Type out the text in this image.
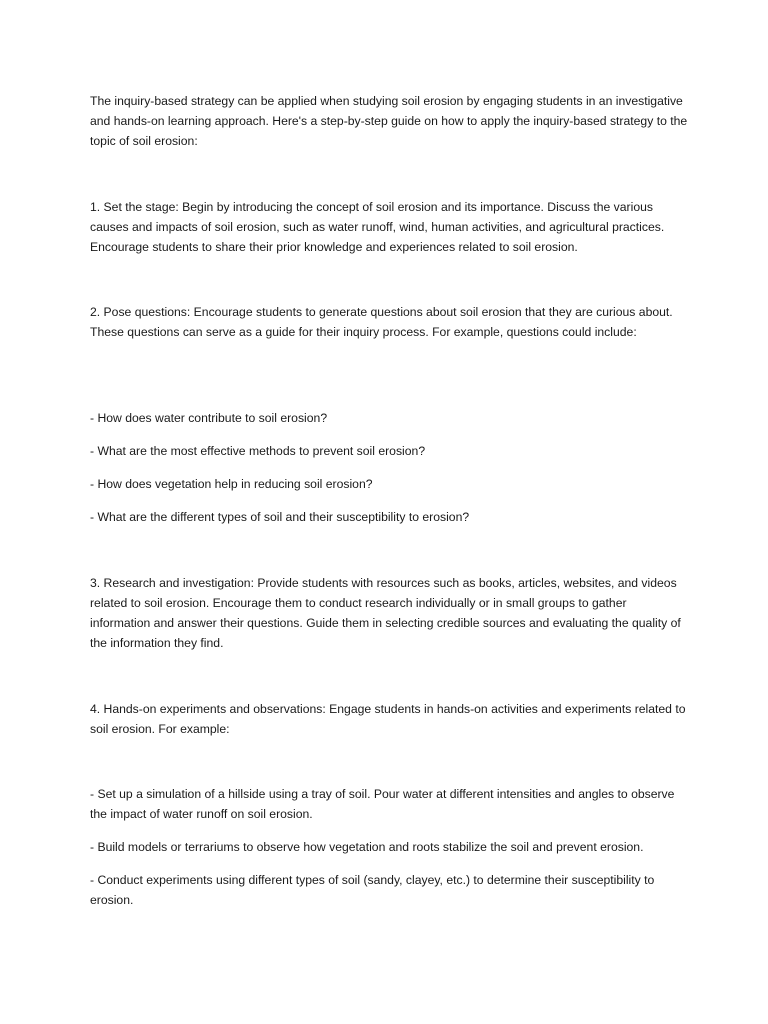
The inquiry-based strategy can be applied when studying soil erosion by engaging students in an investigative and hands-on learning approach. Here's a step-by-step guide on how to apply the inquiry-based strategy to the topic of soil erosion:

1. Set the stage: Begin by introducing the concept of soil erosion and its importance. Discuss the various causes and impacts of soil erosion, such as water runoff, wind, human activities, and agricultural practices. Encourage students to share their prior knowledge and experiences related to soil erosion.

2. Pose questions: Encourage students to generate questions about soil erosion that they are curious about. These questions can serve as a guide for their inquiry process. For example, questions could include:

- How does water contribute to soil erosion?

- What are the most effective methods to prevent soil erosion?

- How does vegetation help in reducing soil erosion?

- What are the different types of soil and their susceptibility to erosion?

3. Research and investigation: Provide students with resources such as books, articles, websites, and videos related to soil erosion. Encourage them to conduct research individually or in small groups to gather information and answer their questions. Guide them in selecting credible sources and evaluating the quality of the information they find.

4. Hands-on experiments and observations: Engage students in hands-on activities and experiments related to soil erosion. For example:

- Set up a simulation of a hillside using a tray of soil. Pour water at different intensities and angles to observe the impact of water runoff on soil erosion.

- Build models or terrariums to observe how vegetation and roots stabilize the soil and prevent erosion.

- Conduct experiments using different types of soil (sandy, clayey, etc.) to determine their susceptibility to erosion.
